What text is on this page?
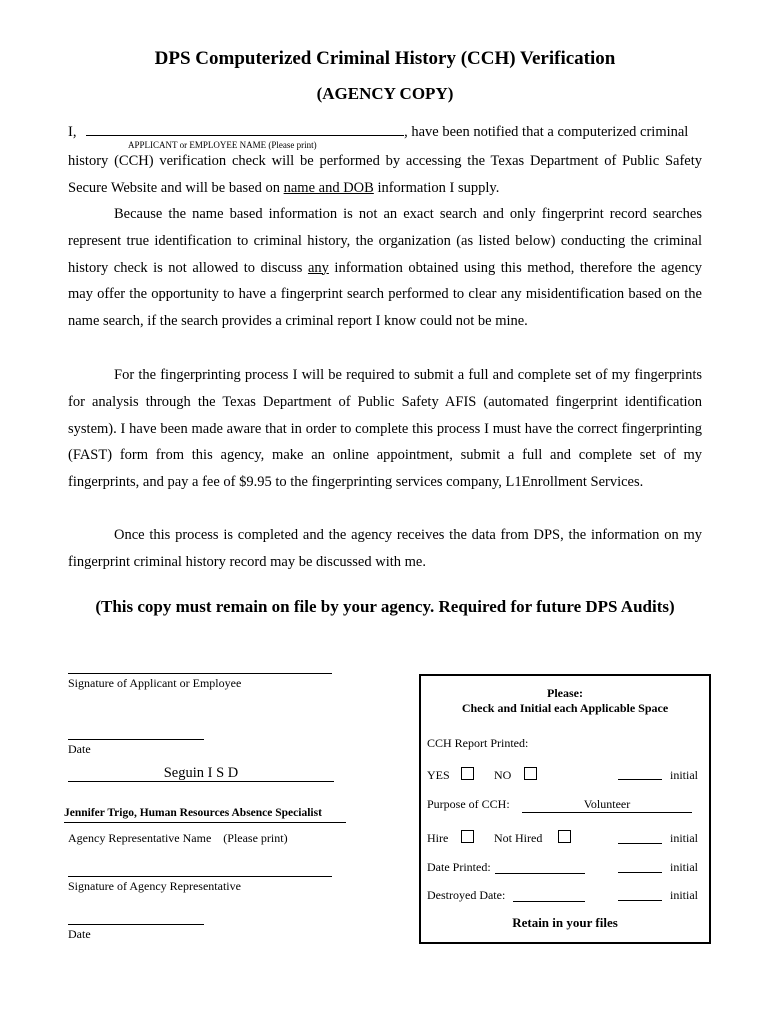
DPS Computerized Criminal History (CCH) Verification
(AGENCY COPY)
I,	, have been notified that a computerized criminal
APPLICANT or EMPLOYEE NAME (Please print)
history (CCH) verification check will be performed by accessing the Texas Department of Public Safety
Secure Website and will be based on name and DOB information I supply.
Because the name based information is not an exact search and only fingerprint record searches represent true identification to criminal history, the organization (as listed below) conducting the criminal history check is not allowed to discuss any information obtained using this method, therefore the agency may offer the opportunity to have a fingerprint search performed to clear any misidentification based on the name search, if the search provides a criminal report I know could not be mine.
For the fingerprinting process I will be required to submit a full and complete set of my fingerprints for analysis through the Texas Department of Public Safety AFIS (automated fingerprint identification system). I have been made aware that in order to complete this process I must have the correct fingerprinting (FAST) form from this agency, make an online appointment, submit a full and complete set of my fingerprints, and pay a fee of $9.95 to the fingerprinting services company, L1Enrollment Services.
Once this process is completed and the agency receives the data from DPS, the information on my fingerprint criminal history record may be discussed with me.
(This copy must remain on file by your agency. Required for future DPS Audits)
Signature of Applicant or Employee
Date
Seguin I S D
Jennifer Trigo, Human Resources Absence Specialist
Agency Representative Name    (Please print)
Signature of Agency Representative
Date
Please:
Check and Initial each Applicable Space
CCH Report Printed:
YES	NO	initial
Purpose of CCH:	Volunteer
Hire	Not Hired	initial
Date Printed:	initial
Destroyed Date:	initial
Retain in your files
